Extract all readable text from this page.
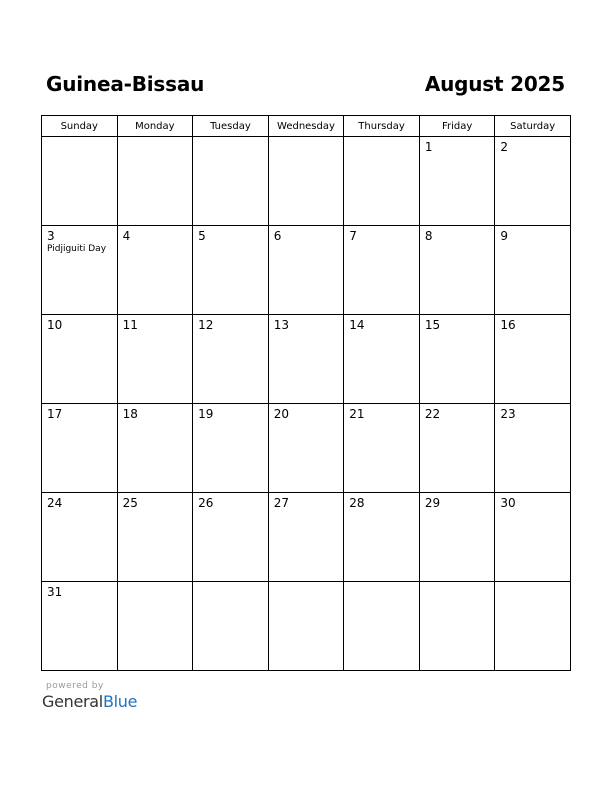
Guinea-Bissau	August 2025
Sunday	Monday	Tuesday	Wednesday	Thursday	Friday	Saturday

					1	2

3
Pidjiguiti Day	4	5	6	7	8	9

10	11	12	13	14	15	16

17	18	19	20	21	22	23

24	25	26	27	28	29	30

31						

powered by
GeneralBlue
